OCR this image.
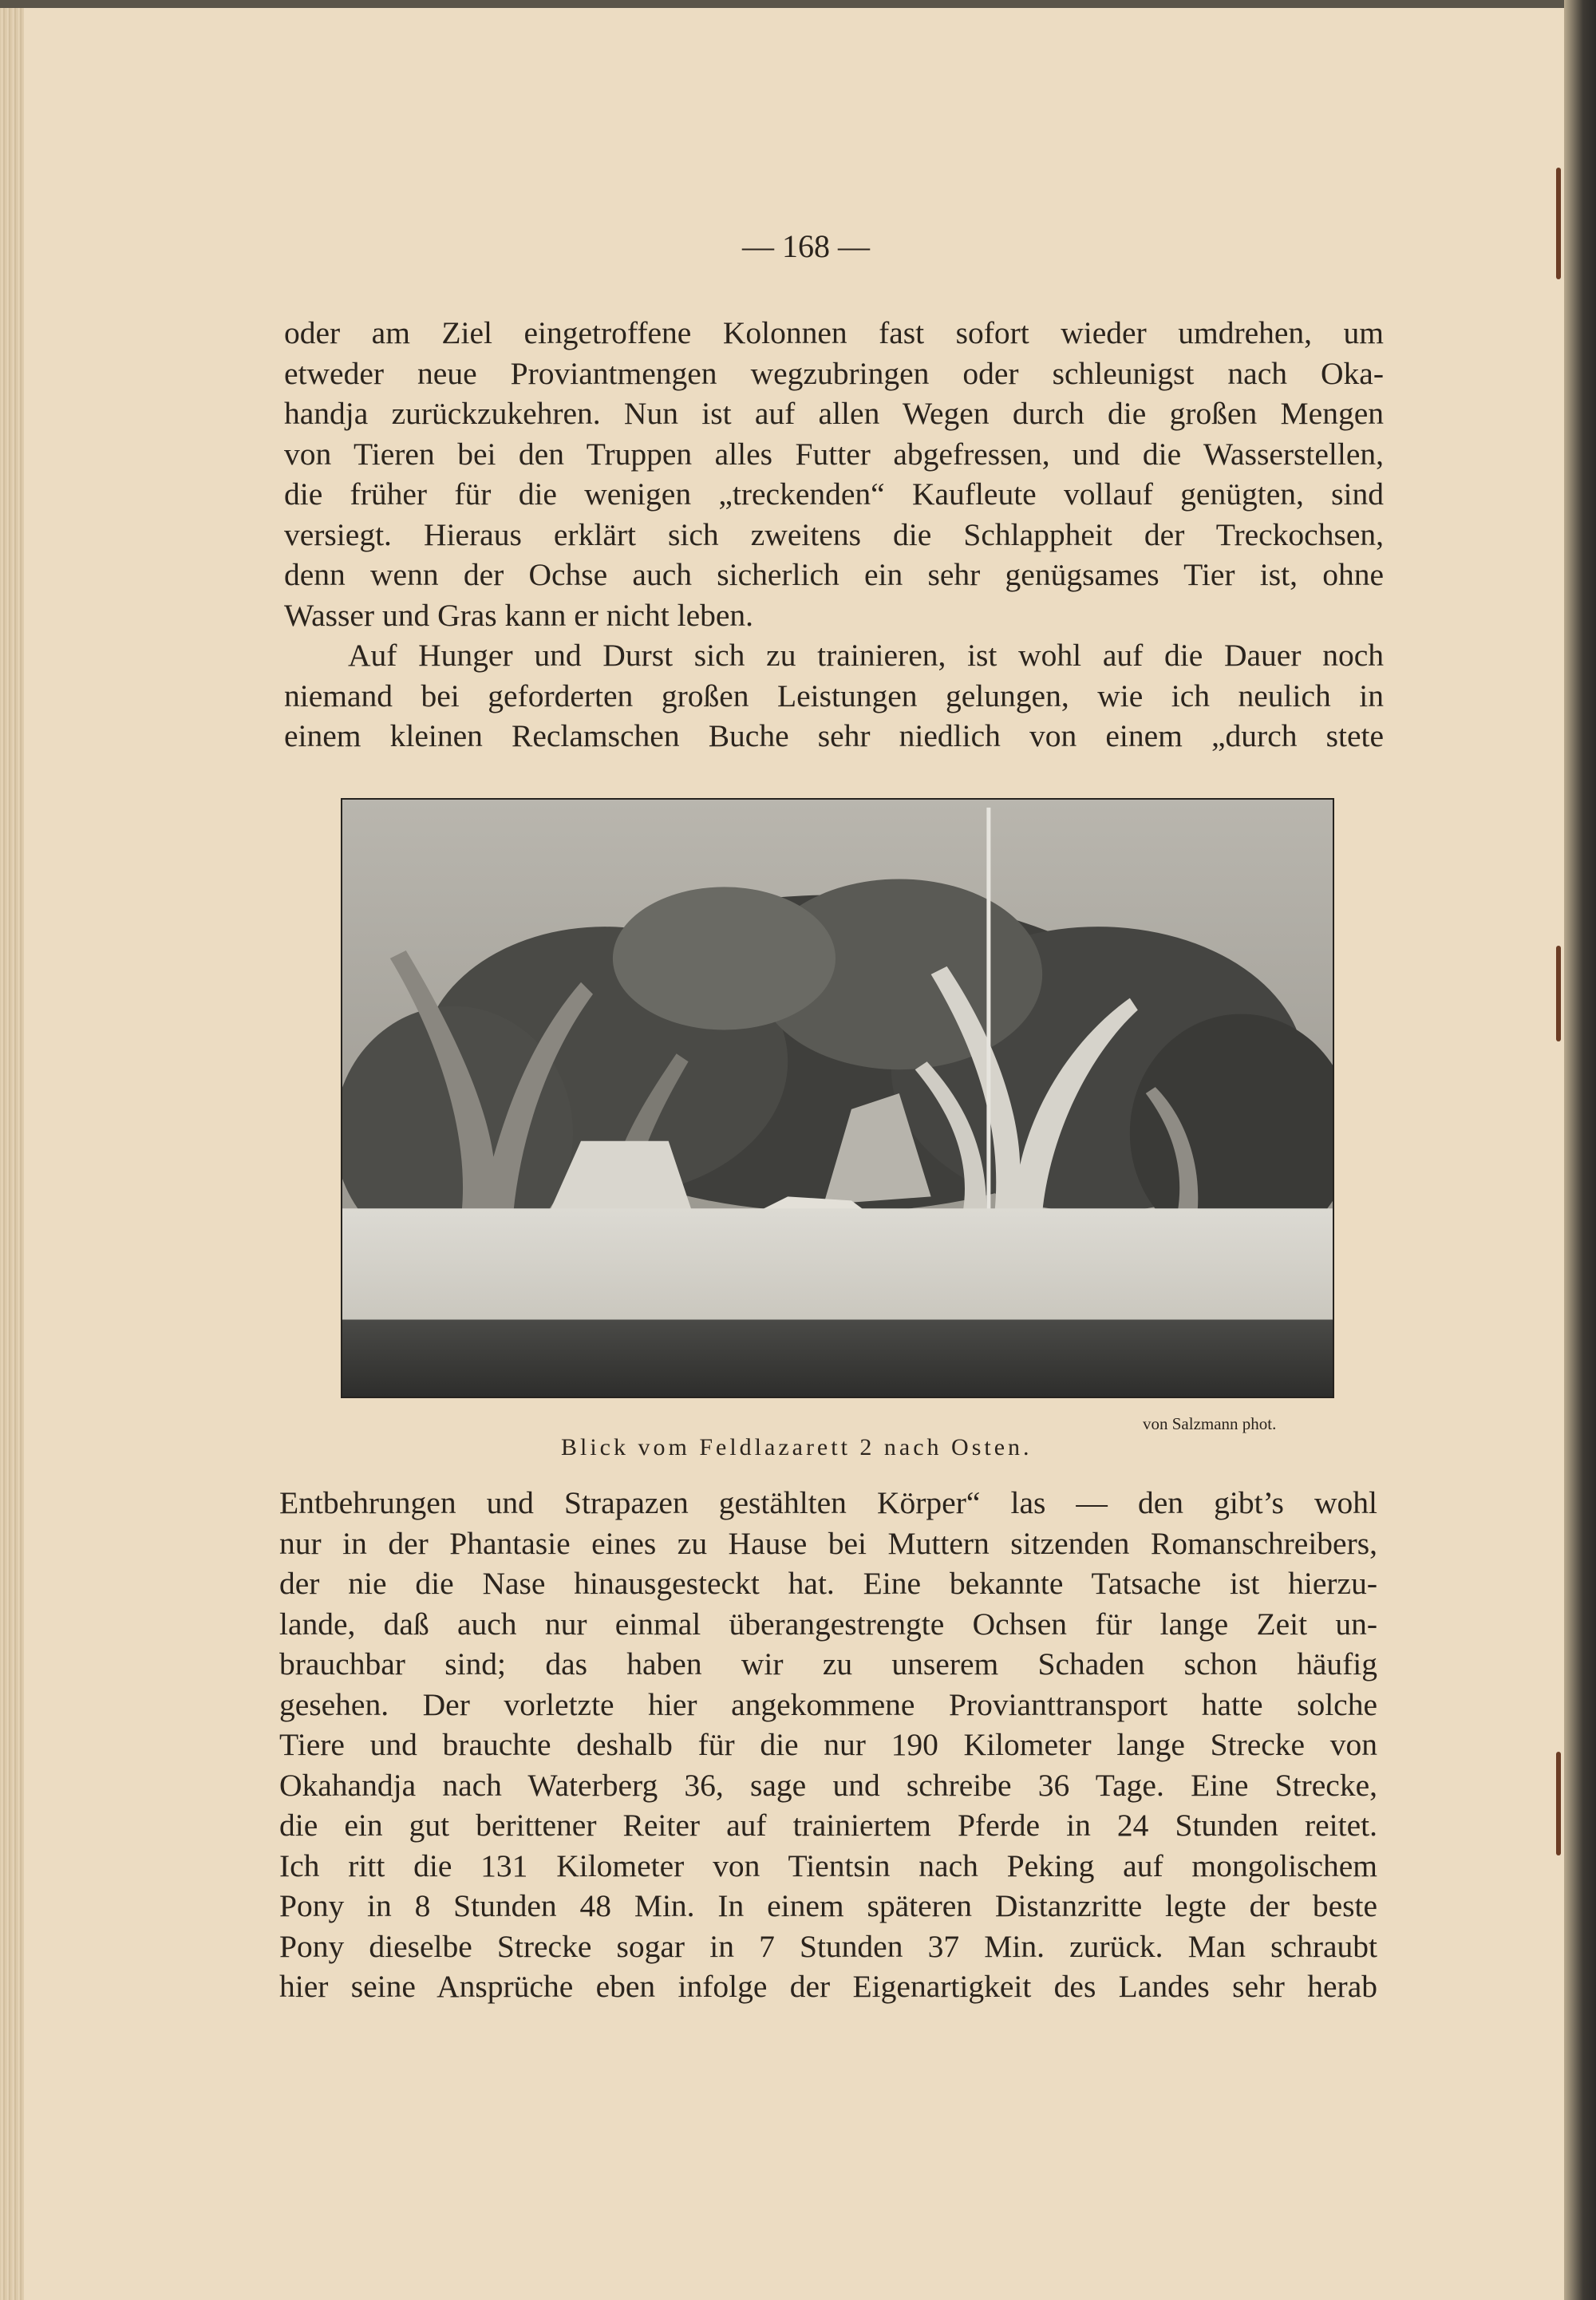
— 168 —
oder am Ziel eingetroffene Kolonnen fast sofort wieder umdrehen, um
etweder neue Proviantmengen wegzubringen oder schleunigst nach Oka-
handja zurückzukehren. Nun ist auf allen Wegen durch die großen Mengen
von Tieren bei den Truppen alles Futter abgefressen, und die Wasserstellen,
die früher für die wenigen „treckenden“ Kaufleute vollauf genügten, sind
versiegt. Hieraus erklärt sich zweitens die Schlappheit der Treckochsen,
denn wenn der Ochse auch sicherlich ein sehr genügsames Tier ist, ohne
Wasser und Gras kann er nicht leben.
Auf Hunger und Durst sich zu trainieren, ist wohl auf die Dauer noch
niemand bei geforderten großen Leistungen gelungen, wie ich neulich in
einem kleinen Reclamschen Buche sehr niedlich von einem „durch stete
von Salzmann phot.
Blick vom Feldlazarett 2 nach Osten.
Entbehrungen und Strapazen gestählten Körper“ las — den gibt’s wohl
nur in der Phantasie eines zu Hause bei Muttern sitzenden Romanschreibers,
der nie die Nase hinausgesteckt hat. Eine bekannte Tatsache ist hierzu-
lande, daß auch nur einmal überangestrengte Ochsen für lange Zeit un-
brauchbar sind; das haben wir zu unserem Schaden schon häufig
gesehen. Der vorletzte hier angekommene Provianttransport hatte solche
Tiere und brauchte deshalb für die nur 190 Kilometer lange Strecke von
Okahandja nach Waterberg 36, sage und schreibe 36 Tage. Eine Strecke,
die ein gut berittener Reiter auf trainiertem Pferde in 24 Stunden reitet.
Ich ritt die 131 Kilometer von Tientsin nach Peking auf mongolischem
Pony in 8 Stunden 48 Min. In einem späteren Distanzritte legte der beste
Pony dieselbe Strecke sogar in 7 Stunden 37 Min. zurück. Man schraubt
hier seine Ansprüche eben infolge der Eigenartigkeit des Landes sehr herab
